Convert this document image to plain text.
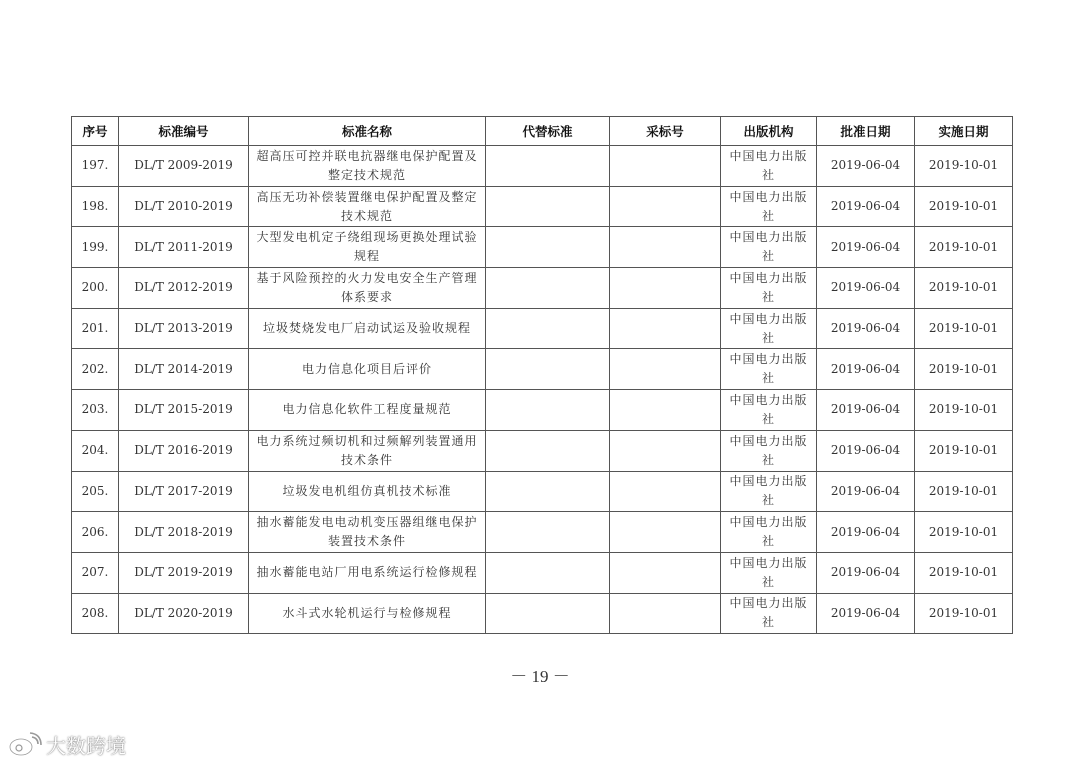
序号	标准编号	标准名称	代替标准	采标号	出版机构	批准日期	实施日期
197.	DL/T 2009-2019	超高压可控并联电抗器继电保护配置及整定技术规范			中国电力出版社	2019-06-04	2019-10-01
198.	DL/T 2010-2019	高压无功补偿装置继电保护配置及整定技术规范			中国电力出版社	2019-06-04	2019-10-01
199.	DL/T 2011-2019	大型发电机定子绕组现场更换处理试验规程			中国电力出版社	2019-06-04	2019-10-01
200.	DL/T 2012-2019	基于风险预控的火力发电安全生产管理体系要求			中国电力出版社	2019-06-04	2019-10-01
201.	DL/T 2013-2019	垃圾焚烧发电厂启动试运及验收规程			中国电力出版社	2019-06-04	2019-10-01
202.	DL/T 2014-2019	电力信息化项目后评价			中国电力出版社	2019-06-04	2019-10-01
203.	DL/T 2015-2019	电力信息化软件工程度量规范			中国电力出版社	2019-06-04	2019-10-01
204.	DL/T 2016-2019	电力系统过频切机和过频解列装置通用技术条件			中国电力出版社	2019-06-04	2019-10-01
205.	DL/T 2017-2019	垃圾发电机组仿真机技术标准			中国电力出版社	2019-06-04	2019-10-01
206.	DL/T 2018-2019	抽水蓄能发电电动机变压器组继电保护装置技术条件			中国电力出版社	2019-06-04	2019-10-01
207.	DL/T 2019-2019	抽水蓄能电站厂用电系统运行检修规程			中国电力出版社	2019-06-04	2019-10-01
208.	DL/T 2020-2019	水斗式水轮机运行与检修规程			中国电力出版社	2019-06-04	2019-10-01
－ 19 －
大数跨境
